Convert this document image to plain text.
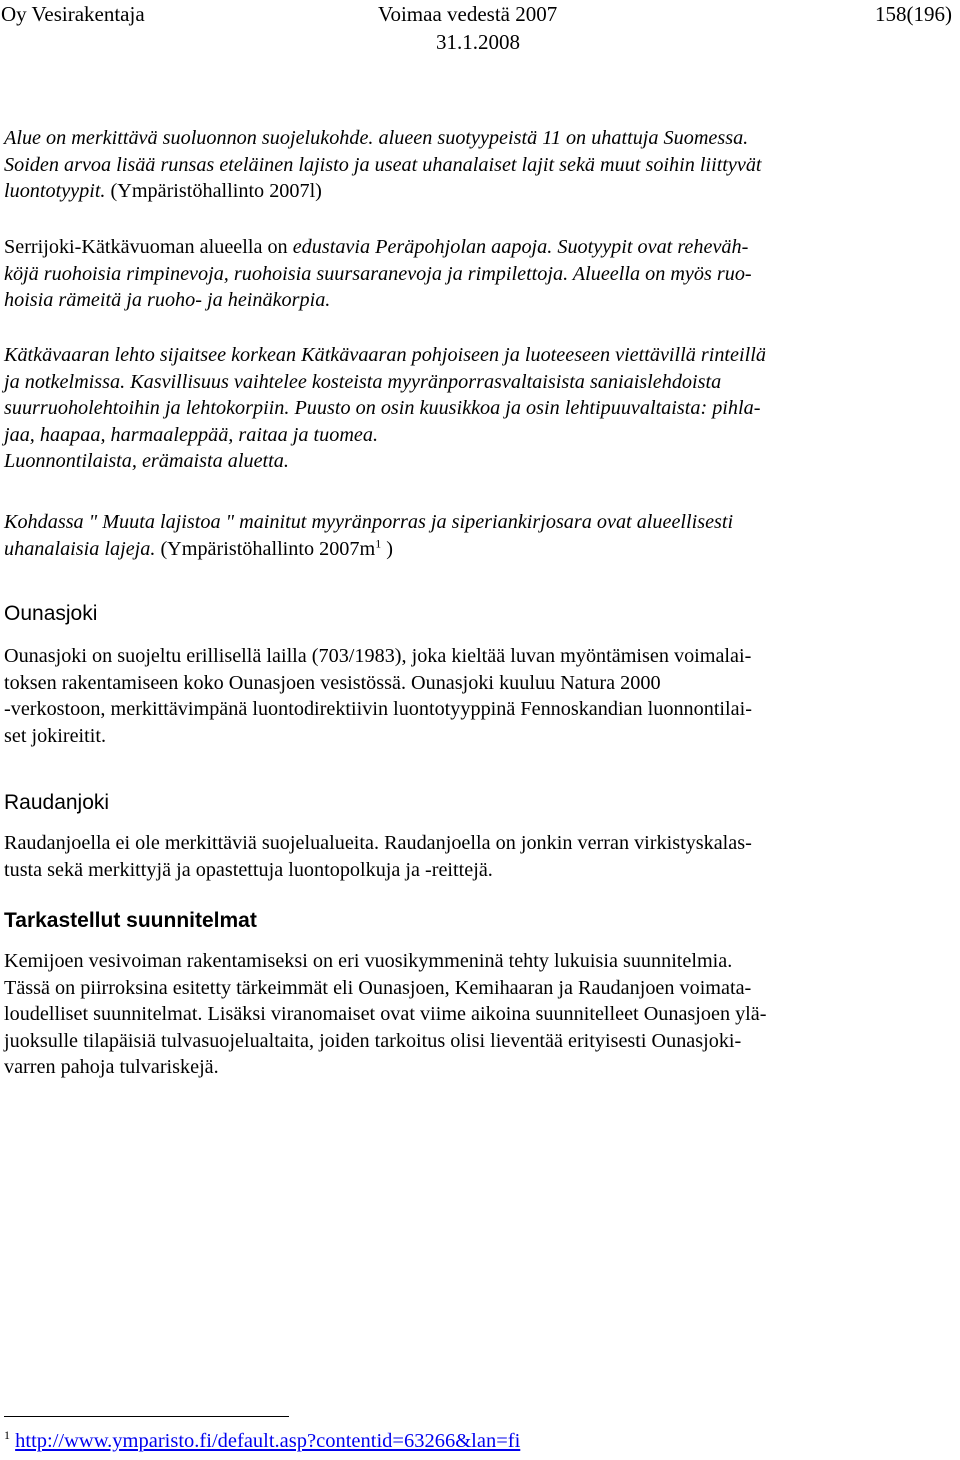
Oy Vesirakentaja	Voimaa vedestä 2007	158(196)
31.1.2008

Alue on merkittävä suoluonnon suojelukohde. alueen suotyypeistä 11 on uhattuja Suomessa.
Soiden arvoa lisää runsas eteläinen lajisto ja useat uhanalaiset lajit sekä muut soihin liittyvät
luontotyypit. (Ympäristöhallinto 2007l)

Serrijoki-Kätkävuoman alueella on edustavia Peräpohjolan aapoja. Suotyypit ovat reheväh-
köjä ruohoisia rimpinevoja, ruohoisia suursaranevoja ja rimpilettoja. Alueella on myös ruo-
hoisia rämeitä ja ruoho- ja heinäkorpia.

Kätkävaaran lehto sijaitsee korkean Kätkävaaran pohjoiseen ja luoteeseen viettävillä rinteillä
ja notkelmissa. Kasvillisuus vaihtelee kosteista myyränporrasvaltaisista saniaislehdoista
suurruoholehtoihin ja lehtokorpiin. Puusto on osin kuusikkoa ja osin lehtipuuvaltaista: pihla-
jaa, haapaa, harmaaleppää, raitaa ja tuomea.
Luonnontilaista, erämaista aluetta.

Kohdassa " Muuta lajistoa " mainitut myyränporras ja siperiankirjosara ovat alueellisesti
uhanalaisia lajeja. (Ympäristöhallinto $2007m^1$ )

Ounasjoki

Ounasjoki on suojeltu erillisellä lailla (703/1983), joka kieltää luvan myöntämisen voimalai-
toksen rakentamiseen koko Ounasjoen vesistössä. Ounasjoki kuuluu Natura 2000
-verkostoon, merkittävimpänä luontodirektiivin luontotyyppinä Fennoskandian luonnontilai-
set jokireitit.

Raudanjoki

Raudanjoella ei ole merkittäviä suojelualueita. Raudanjoella on jonkin verran virkistyskalas-
tusta sekä merkittyjä ja opastettuja luontopolkuja ja -reittejä.

Tarkastellut suunnitelmat

Kemijoen vesivoiman rakentamiseksi on eri vuosikymmeninä tehty lukuisia suunnitelmia.
Tässä on piirroksina esitetty tärkeimmät eli Ounasjoen, Kemihaaran ja Raudanjoen voimata-
loudelliset suunnitelmat. Lisäksi viranomaiset ovat viime aikoina suunnitelleet Ounasjoen ylä-
juoksulle tilapäisiä tulvasuojelualtaita, joiden tarkoitus olisi lieventää erityisesti Ounasjoki-
varren pahoja tulvariskejä.

$^1$ http://www.ymparisto.fi/default.asp?contentid=63266&lan=fi
